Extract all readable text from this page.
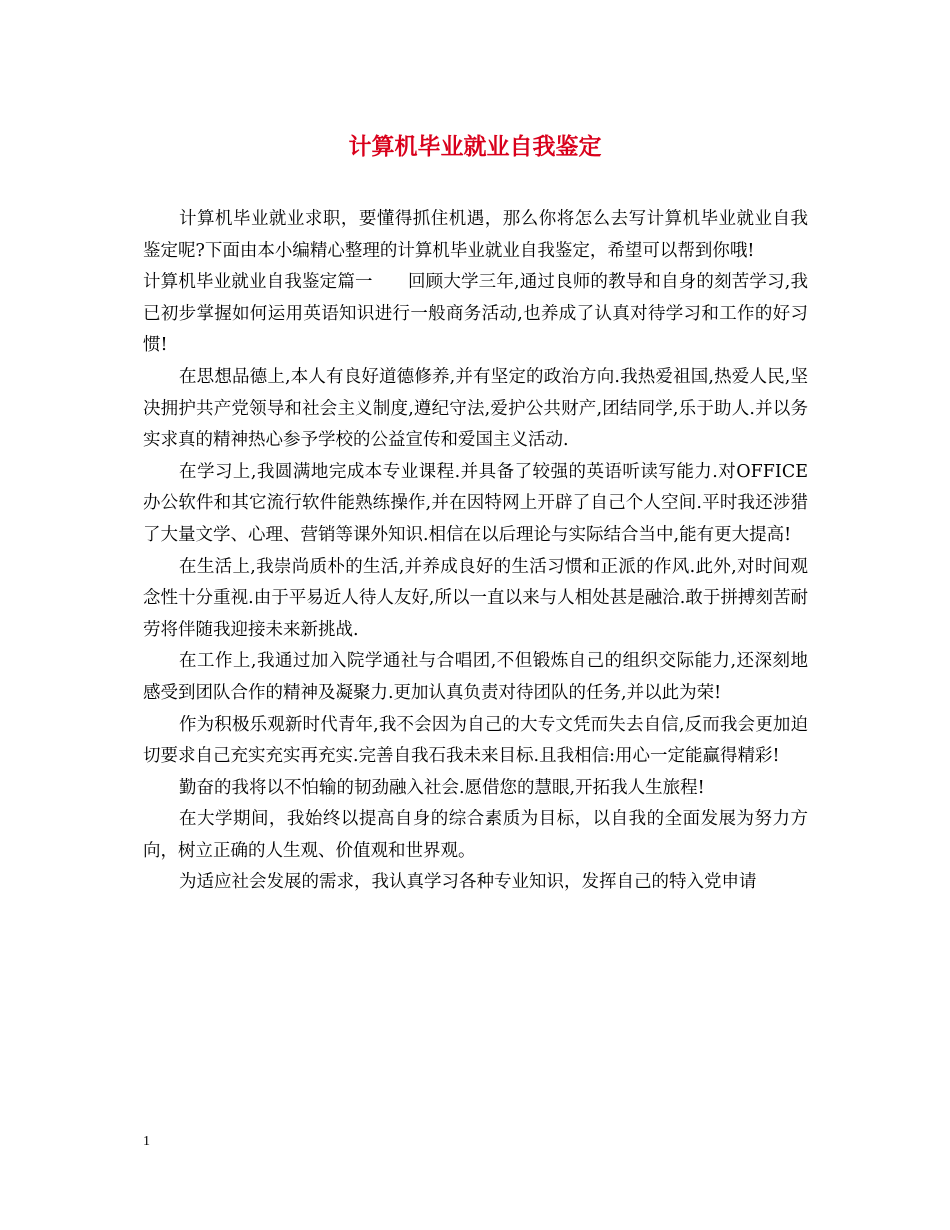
计算机毕业就业自我鉴定

计算机毕业就业求职，要懂得抓住机遇，那么你将怎么去写计算机毕业就业自我鉴定呢?下面由本小编精心整理的计算机毕业就业自我鉴定，希望可以帮到你哦!

计算机毕业就业自我鉴定篇一　　回顾大学三年,通过良师的教导和自身的刻苦学习,我已初步掌握如何运用英语知识进行一般商务活动,也养成了认真对待学习和工作的好习惯!

在思想品德上,本人有良好道德修养,并有坚定的政治方向.我热爱祖国,热爱人民,坚决拥护共产党领导和社会主义制度,遵纪守法,爱护公共财产,团结同学,乐于助人.并以务实求真的精神热心参予学校的公益宣传和爱国主义活动.

在学习上,我圆满地完成本专业课程.并具备了较强的英语听读写能力.对OFFICE办公软件和其它流行软件能熟练操作,并在因特网上开辟了自己个人空间.平时我还涉猎了大量文学、心理、营销等课外知识.相信在以后理论与实际结合当中,能有更大提高!

在生活上,我崇尚质朴的生活,并养成良好的生活习惯和正派的作风.此外,对时间观念性十分重视.由于平易近人待人友好,所以一直以来与人相处甚是融洽.敢于拼搏刻苦耐劳将伴随我迎接未来新挑战.

在工作上,我通过加入院学通社与合唱团,不但锻炼自己的组织交际能力,还深刻地感受到团队合作的精神及凝聚力.更加认真负责对待团队的任务,并以此为荣!

作为积极乐观新时代青年,我不会因为自己的大专文凭而失去自信,反而我会更加迫切要求自己充实充实再充实.完善自我石我未来目标.且我相信:用心一定能赢得精彩!

勤奋的我将以不怕输的韧劲融入社会.愿借您的慧眼,开拓我人生旅程!

在大学期间，我始终以提高自身的综合素质为目标，以自我的全面发展为努力方向，树立正确的人生观、价值观和世界观。

为适应社会发展的需求，我认真学习各种专业知识，发挥自己的特入党申请

1
